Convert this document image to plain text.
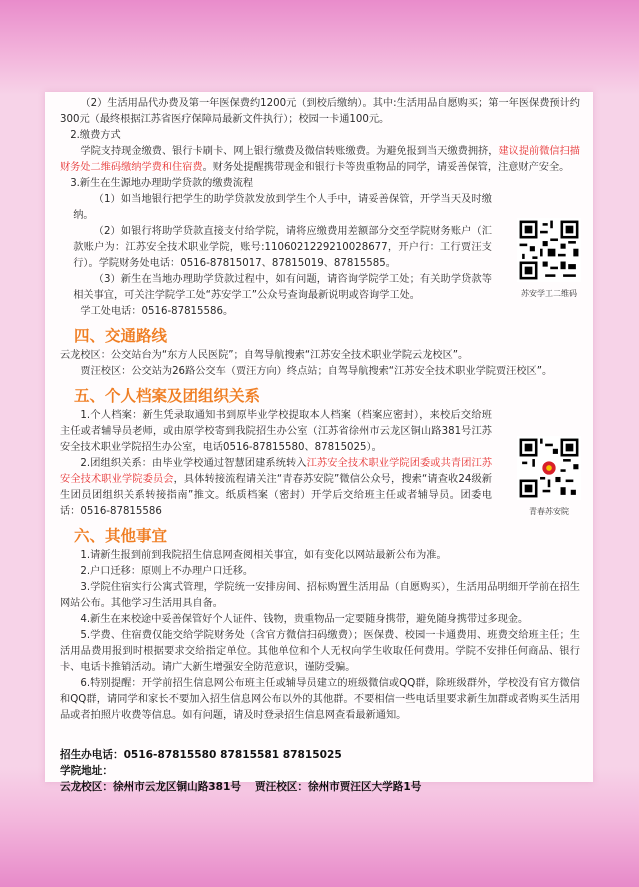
（2）生活用品代办费及第一年医保费约1200元（到校后缴纳）。其中:生活用品自愿购买；第一年医保费预计约300元（最终根据江苏省医疗保障局最新文件执行）；校园一卡通100元。

2.缴费方式

学院支持现金缴费、银行卡刷卡、网上银行缴费及微信转账缴费。为避免报到当天缴费拥挤，建议提前微信扫描财务处二维码缴纳学费和住宿费。财务处提醒携带现金和银行卡等贵重物品的同学，请妥善保管，注意财产安全。

3.新生在生源地办理助学贷款的缴费流程

（1）如当地银行把学生的助学贷款发放到学生个人手中，请妥善保管，开学当天及时缴纳。

（2）如银行将助学贷款直接支付给学院，请将应缴费用差额部分交至学院财务账户（汇款账户为：江苏安全技术职业学院，账号:1106021229210028677，开户行：工行贾汪支行）。学院财务处电话：0516-87815017、87815019、87815585。

（3）新生在当地办理助学贷款过程中，如有问题，请咨询学院学工处；有关助学贷款等相关事宜，可关注学院学工处“苏安学工”公众号查询最新说明或咨询学工处。

学工处电话：0516-87815586。

四、交通路线

云龙校区：公交站台为“东方人民医院”；自驾导航搜索“江苏安全技术职业学院云龙校区”。

贾汪校区：公交站为26路公交车（贾汪方向）终点站；自驾导航搜索“江苏安全技术职业学院贾汪校区”。

五、个人档案及团组织关系

1.个人档案：新生凭录取通知书到原毕业学校提取本人档案（档案应密封），来校后交给班主任或者辅导员老师，或由原学校寄到我院招生办公室（江苏省徐州市云龙区铜山路381号江苏安全技术职业学院招生办公室，电话0516-87815580、87815025）。

2.团组织关系：由毕业学校通过智慧团建系统转入江苏安全技术职业学院团委或共青团江苏安全技术职业学院委员会，具体转接流程请关注“青春苏安院”微信公众号，搜索“请查收24级新生团员团组织关系转接指南”推文。纸质档案（密封）开学后交给班主任或者辅导员。团委电话：0516-87815586

六、其他事宜

1.请新生报到前到我院招生信息网查阅相关事宜，如有变化以网站最新公布为准。

2.户口迁移：原则上不办理户口迁移。

3.学院住宿实行公寓式管理，学院统一安排房间、招标购置生活用品（自愿购买），生活用品明细开学前在招生网站公布。其他学习生活用具自备。

4.新生在来校途中妥善保管好个人证件、钱物，贵重物品一定要随身携带，避免随身携带过多现金。

5.学费、住宿费仅能交给学院财务处（含官方微信扫码缴费）；医保费、校园一卡通费用、班费交给班主任；生活用品费用报到时根据要求交给指定单位。其他单位和个人无权向学生收取任何费用。学院不安排任何商品、银行卡、电话卡推销活动。请广大新生增强安全防范意识，谨防受骗。

6.特别提醒：开学前招生信息网公布班主任或辅导员建立的班级微信或QQ群，除班级群外，学校没有官方微信和QQ群，请同学和家长不要加入招生信息网公布以外的其他群。不要相信一些电话里要求新生加群或者购买生活用品或者拍照片收费等信息。如有问题，请及时登录招生信息网查看最新通知。

苏安学工二维码
青春苏安院

招生办电话：0516-87815580 87815581 87815025

学院地址：

云龙校区：徐州市云龙区铜山路381号 贾汪校区：徐州市贾汪区大学路1号
